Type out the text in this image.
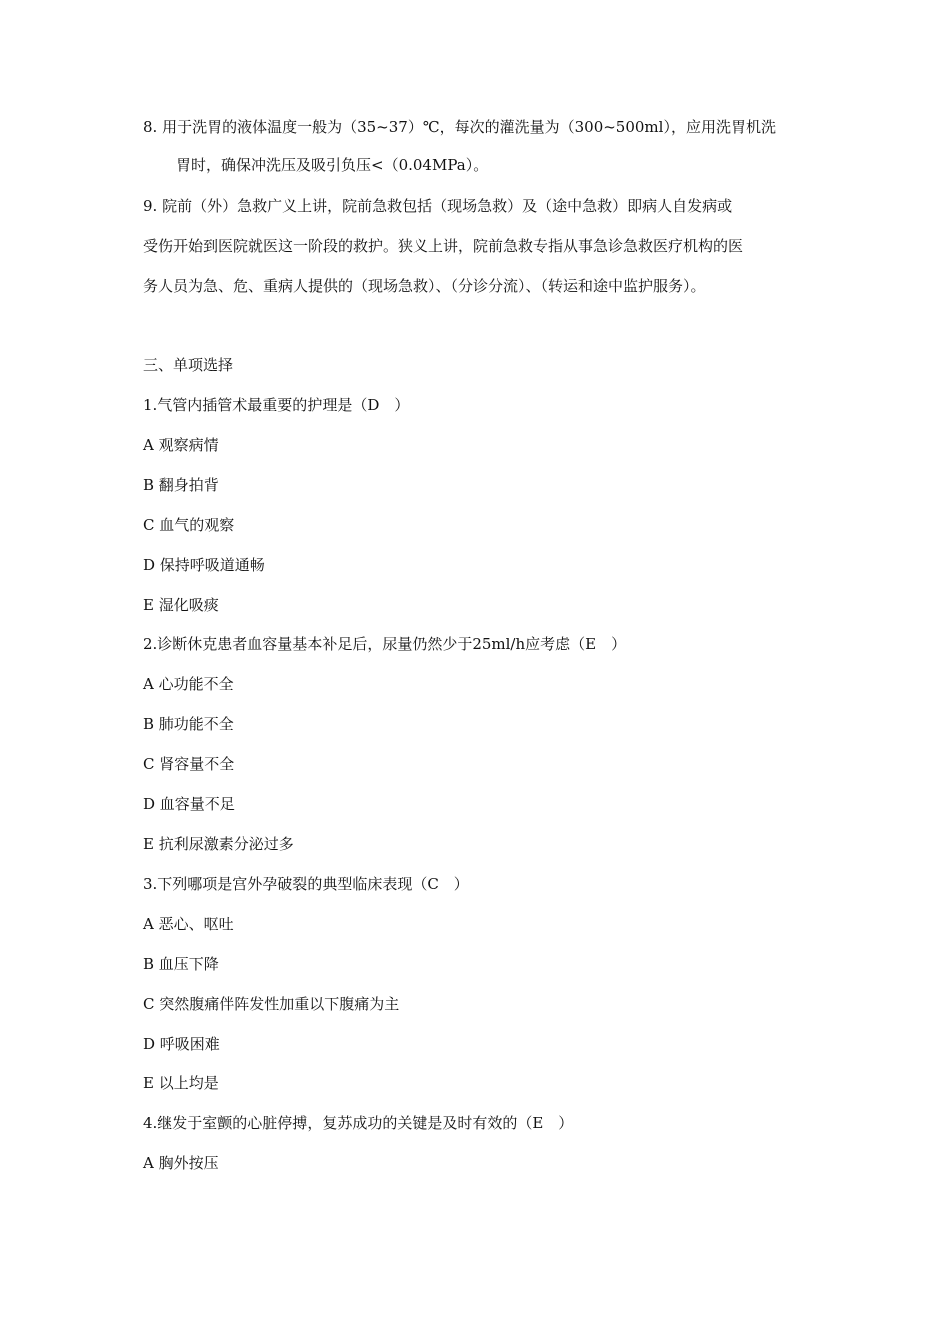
8. 用于洗胃的液体温度一般为（35~37）℃，每次的灌洗量为（300~500ml），应用洗胃机洗
胃时，确保冲洗压及吸引负压<（0.04MPa）。
9. 院前（外）急救广义上讲，院前急救包括（现场急救）及（途中急救）即病人自发病或
受伤开始到医院就医这一阶段的救护。狭义上讲，院前急救专指从事急诊急救医疗机构的医
务人员为急、危、重病人提供的（现场急救）、（分诊分流）、（转运和途中监护服务）。
三、单项选择
1.气管内插管术最重要的护理是（D　）
A 观察病情
B 翻身拍背
C 血气的观察
D 保持呼吸道通畅
E 湿化吸痰
2.诊断休克患者血容量基本补足后，尿量仍然少于25ml/h应考虑（E　）
A 心功能不全
B 肺功能不全
C 肾容量不全
D 血容量不足
E 抗利尿激素分泌过多
3.下列哪项是宫外孕破裂的典型临床表现（C　）
A 恶心、呕吐
B 血压下降
C 突然腹痛伴阵发性加重以下腹痛为主
D 呼吸困难
E 以上均是
4.继发于室颤的心脏停搏，复苏成功的关键是及时有效的（E　）
A 胸外按压
